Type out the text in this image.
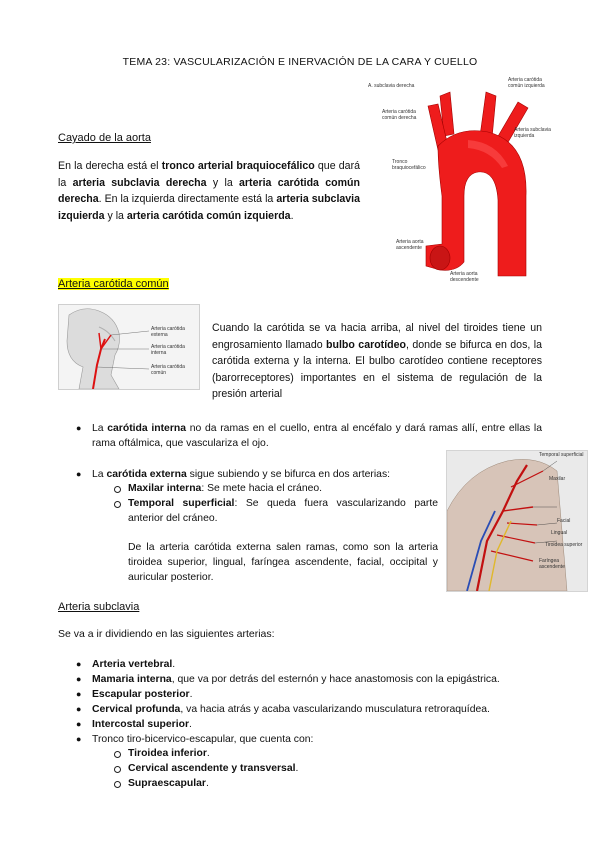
TEMA 23: VASCULARIZACIÓN E INERVACIÓN DE LA CARA Y CUELLO
Cayado de la aorta
En la derecha está el tronco arterial braquiocefálico que dará la arteria subclavia derecha y la arteria carótida común derecha. En la izquierda directamente está la arteria subclavia izquierda y la arteria carótida común izquierda.
A. subclavia derecha
Arteria carótida común izquierda
Arteria carótida común derecha
Arteria subclavia izquierda
Tronco braquiocefálico
Arteria aorta ascendente
Arteria aorta descendente
Arteria carótida común
Arteria carótida externa
Arteria carótida interna
Arteria carótida común
Cuando la carótida se va hacia arriba, al nivel del tiroides tiene un engrosamiento llamado bulbo carotídeo, donde se bifurca en dos, la carótida externa y la interna. El bulbo carotídeo contiene receptores (barorreceptores) importantes en el sistema de regulación de la presión arterial
● La carótida interna no da ramas en el cuello, entra al encéfalo y dará ramas allí, entre ellas la rama oftálmica, que vasculariza el ojo.
● La carótida externa sigue subiendo y se bifurca en dos arterias:
Maxilar interna: Se mete hacia el cráneo.
Temporal superficial: Se queda fuera vascularizando parte anterior del cráneo.
De la arteria carótida externa salen ramas, como son la arteria tiroidea superior, lingual, faríngea ascendente, facial, occipital y auricular posterior.
Temporal superficial
Maxilar
Facial
Lingual
Tiroidea superior
Faríngea ascendente
Arteria subclavia
Se va a ir dividiendo en las siguientes arterias:
● Arteria vertebral.
● Mamaria interna, que va por detrás del esternón y hace anastomosis con la epigástrica.
● Escapular posterior.
● Cervical profunda, va hacia atrás y acaba vascularizando musculatura retroraquídea.
● Intercostal superior.
● Tronco tiro-bicervico-escapular, que cuenta con:
Tiroidea inferior.
Cervical ascendente y transversal.
Supraescapular.
